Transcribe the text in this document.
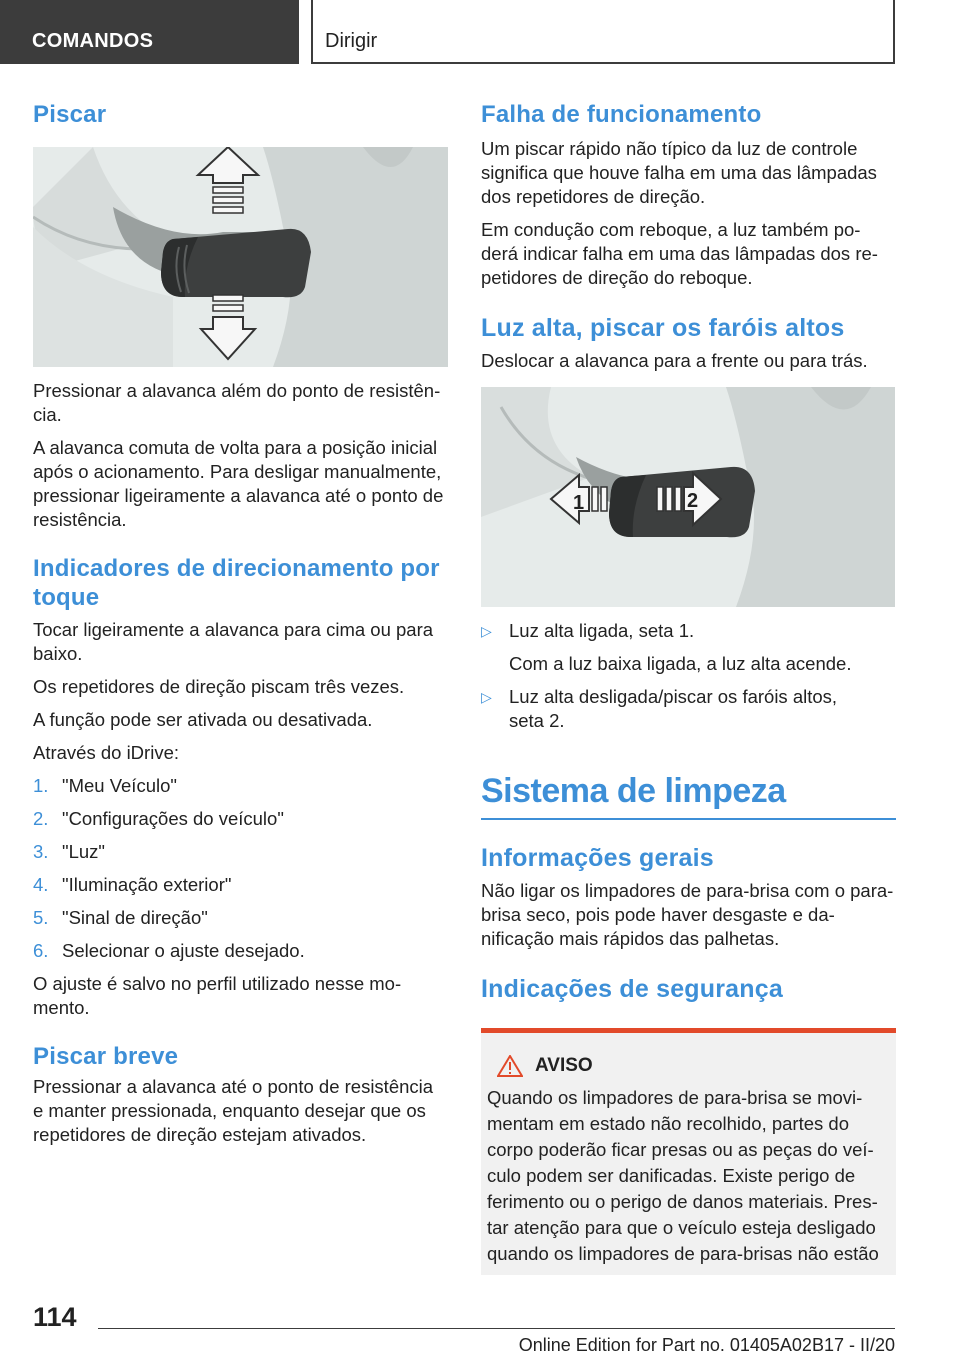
COMANDOS	Dirigir
Piscar

Pressionar a alavanca além do ponto de resistên-cia.

A alavanca comuta de volta para a posição inicial após o acionamento. Para desligar manualmente, pressionar ligeiramente a alavanca até o ponto de resistência.

Indicadores de direcionamento por toque

Tocar ligeiramente a alavanca para cima ou para baixo.

Os repetidores de direção piscam três vezes.

A função pode ser ativada ou desativada.

Através do iDrive:

1. "Meu Veículo"
2. "Configurações do veículo"
3. "Luz"
4. "Iluminação exterior"
5. "Sinal de direção"
6. Selecionar o ajuste desejado.

O ajuste é salvo no perfil utilizado nesse mo-mento.

Piscar breve

Pressionar a alavanca até o ponto de resistência e manter pressionada, enquanto desejar que os repetidores de direção estejam ativados.

Falha de funcionamento

Um piscar rápido não típico da luz de controle significa que houve falha em uma das lâmpadas dos repetidores de direção.

Em condução com reboque, a luz também po-derá indicar falha em uma das lâmpadas dos re-petidores de direção do reboque.

Luz alta, piscar os faróis altos

Deslocar a alavanca para a frente ou para trás.

1	2
▷ Luz alta ligada, seta 1.

Com a luz baixa ligada, a luz alta acende.

▷ Luz alta desligada/piscar os faróis altos, seta 2.
Sistema de limpeza
Informações gerais

Não ligar os limpadores de para-brisa com o para-brisa seco, pois pode haver desgaste e da-nificação mais rápidos das palhetas.

Indicações de segurança
AVISO

Quando os limpadores de para-brisa se movi-mentam em estado não recolhido, partes do corpo poderão ficar presas ou as peças do veí-culo podem ser danificadas. Existe perigo de ferimento ou o perigo de danos materiais. Pres-tar atenção para que o veículo esteja desligado quando os limpadores de para-brisas não estão

114
Online Edition for Part no. 01405A02B17 - II/20
